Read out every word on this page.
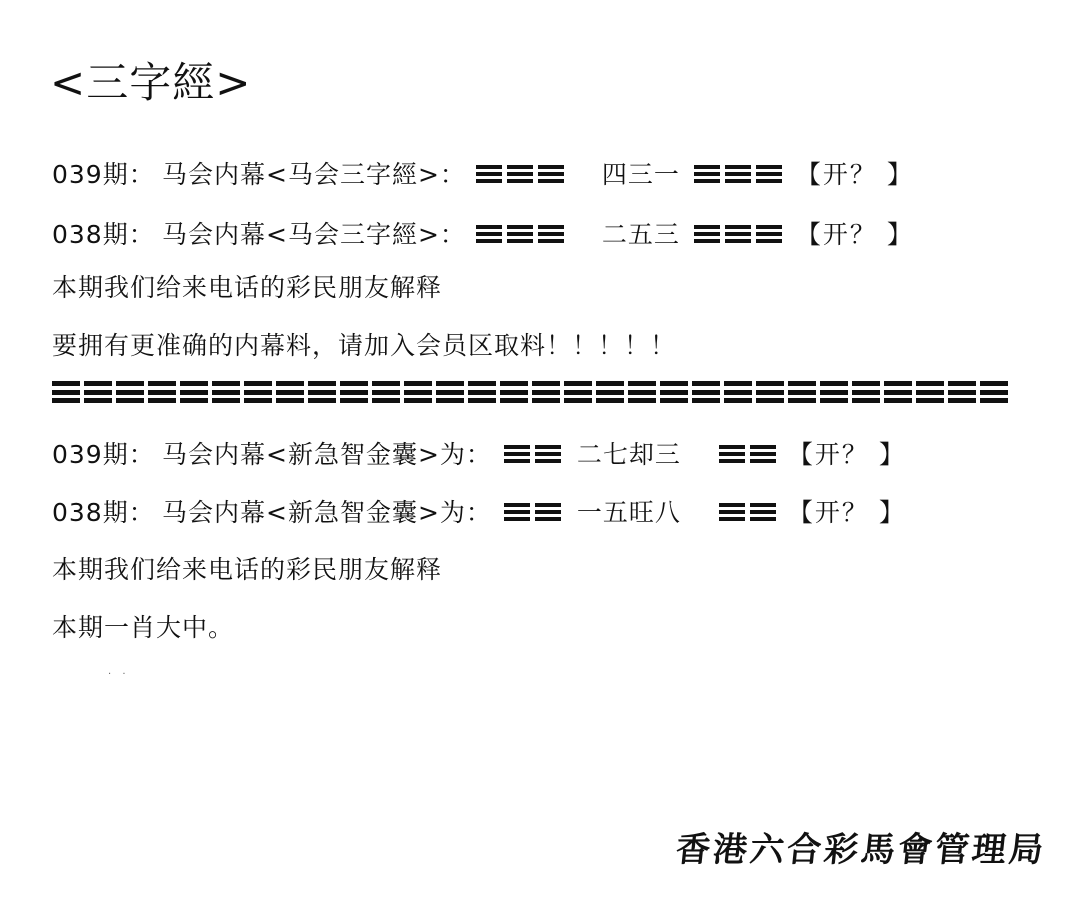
<三字經>
039期： 马会内幕<马会三字經>：	四三一	【开？ 】
038期： 马会内幕<马会三字經>：	二五三	【开？ 】
本期我们给来电话的彩民朋友解释
要拥有更准确的内幕料，请加入会员区取料！！！！！
039期： 马会内幕<新急智金囊>为：	二七却三	【开？ 】
038期： 马会内幕<新急智金囊>为：	一五旺八	【开？ 】
本期我们给来电话的彩民朋友解释
本期一肖大中。
. .
香港六合彩馬會管理局
